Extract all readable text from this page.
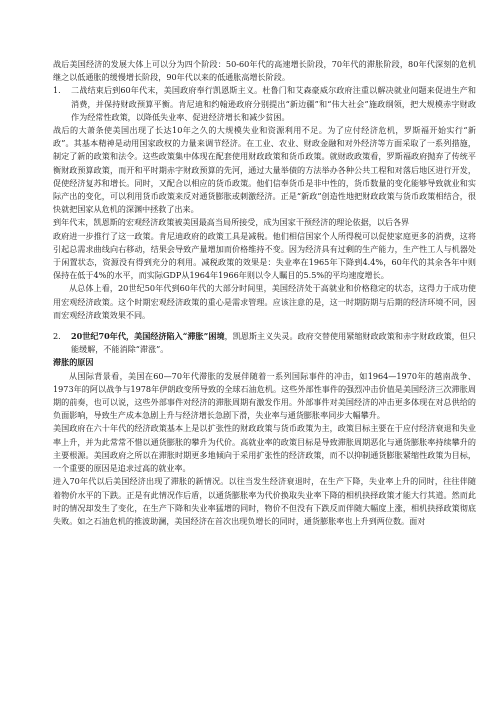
战后美国经济的发展大体上可以分为四个阶段：50-60年代的高速增长阶段，70年代的滞胀阶段，80年代深刻的危机继之以低通胀的缓慢增长阶段，90年代以来的低通胀高增长阶段。

1.	二战结束后到60年代末，美国政府奉行凯恩斯主义。杜鲁门和艾森豪威尔政府注重以解决就业问题来促进生产和消费，并保持财政预算平衡。肯尼迪和约翰逊政府分别提出“新边疆”和“伟大社会”施政纲领，把大规模赤字财政作为经常性政策，以降低失业率、促进经济增长和减少贫困。

战后的大萧条使美国出现了长达10年之久的大规模失业和资源利用不足。为了应付经济危机，罗斯福开始实行“新政”。其基本精神是动用国家政权的力量来调节经济。在工业、农业、财政金融和对外经济等方面采取了一系列措施，制定了新的政策和法令。这些政策集中体现在配套使用财政政策和货币政策。就财政政策看，罗斯福政府抛弃了传统平衡财政预算政策，而开和平时期赤字财政预算的先河，通过大量举债的方法举办各种公共工程和对落后地区进行开发，促使经济复苏和增长。同时，又配合以相应的货币政策。他们信奉货币是非中性的，货币数量的变化能够导致就业和实际产出的变化，可以利用货币政策来反对通货膨胀或刺激经济。正是“新政”创造性地把财政政策与货币政策相结合，很快就把国家从危机的深渊中拯救了出来。

到年代末，凯恩斯的宏观经济政策被美国最高当局所接受，成为国家干预经济的理论依据，以后各界

政府进一步推行了这一政策。肯尼迪政府的政策工具是减税。他们相信国家个人所得税可以促使家庭更多的消费，这将引起总需求曲线向右移动，结果会导致产量增加而价格维持不变。因为经济具有过剩的生产能力，生产性工人与机器处于闲置状态，资源没有得到充分的利用。减税政策的效果是：失业率在1965年下降到4.4%，60年代的其余各年中则保持在低于4%的水平，而实际GDP从1964年1966年则以令人瞩目的5.5%的平均速度增长。

从总体上看，20世纪50年代到60年代的大部分时间里，美国经济处于高就业和价格稳定的状态，这得力于成功使用宏观经济政策。这个时期宏观经济政策的重心是需求管理。应该注意的是，这一时期防期与后期的经济环境不同，因而宏观经济政策效果不同。

2.	20世纪70年代，美国经济陷入“滞胀”困境，凯恩斯主义失灵。政府交替使用紧缩财政政策和赤字财政政策，但只能缓解，不能消除“滞涨”。

滞胀的原因

从国际背景看，美国在60—70年代滞胀的发展伴随着一系列国际事件的冲击，如1964—1970年的越南战争、1973年的阿以战争与1978年伊朗政变所导致的全球石油危机。这些外部性事件的强烈冲击价值是美国经济三次滞胀周期的前奏，也可以说，这些外部事件对经济的滞胀周期有激发作用。外部事件对美国经济的冲击更多体现在对总供给的负面影响，导致生产成本急剧上升与经济增长急剧下滑，失业率与通货膨胀率同步大幅攀升。

美国政府在六十年代的经济政策基本上是以扩张性的财政政策与货币政策为主，政策目标主要在于应付经济衰退和失业率上升，并为此常常不惜以通货膨胀的攀升为代价。高就业率的政策目标是导致滞胀周期恶化与通货膨胀率持续攀升的主要根源。美国政府之所以在滞胀时期更多地倾向于采用扩张性的经济政策，而不以抑制通货膨胀紧缩性政策为目标，一个重要的原因是追求过高的就业率。

进入70年代以后美国经济出现了滞胀的新情况。以往当发生经济衰退时，在生产下降，失业率上升的同时，往往伴随着物价水平的下跌。正是有此情况作后盾，以通货膨胀率为代价换取失业率下降的相机抉择政策才能大行其道。然而此时的情况却发生了变化，在生产下降和失业率猛增的同时，物价不但没有下跌反而伴随大幅度上涨，相机抉择政策彻底失败。如之石油危机的推波助澜，美国经济在首次出现负增长的同时，通货膨胀率也上升到两位数。面对
